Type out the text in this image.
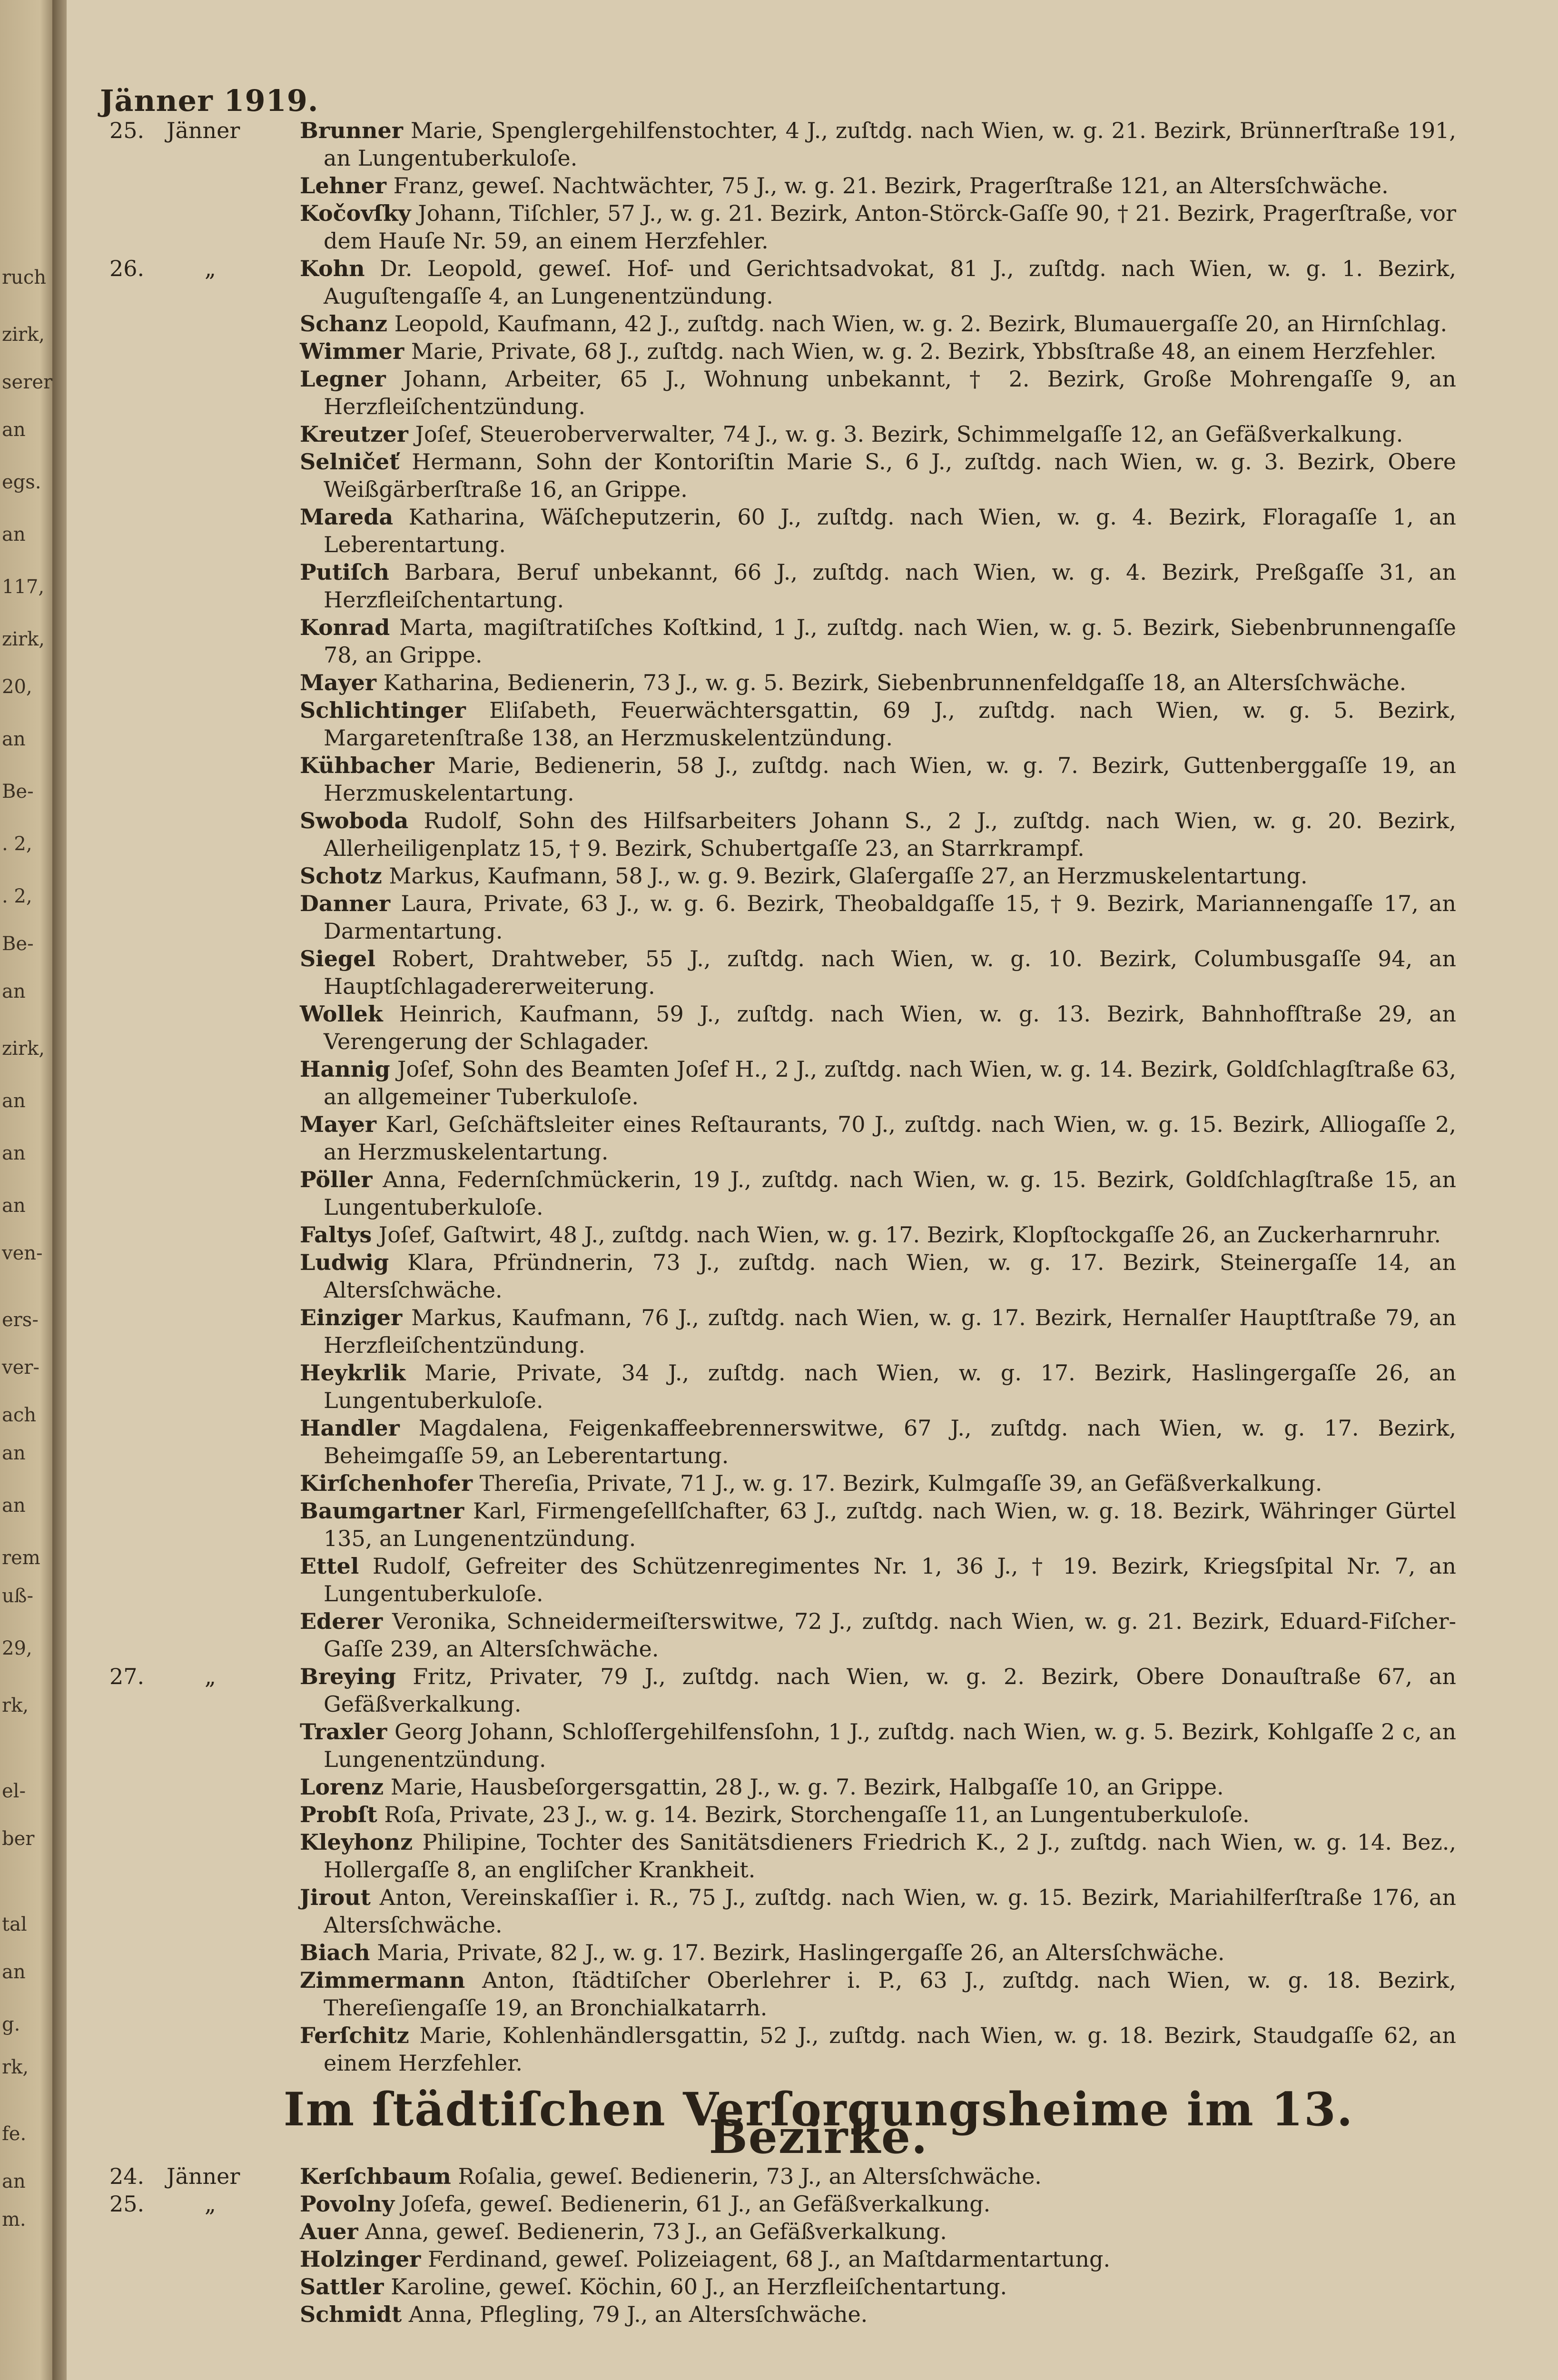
ruch
zirk,
serer
an
egs.
an
117,
zirk,
20,
an
Be-
. 2,
. 2,
Be-
an
zirk,
an
an
an
ven-
ers-
ver-
ach
an
an
rem
uß-
29,
rk,
el-
ber
tal
an
g.
rk,
fe.
an
m.
Jänner 1919.
25.	Jänner	Brunner Marie, Spenglergehilfenstochter, 4 J., zuſtdg. nach Wien, w. g. 21. Bezirk, Brünnerſtraße 191, an Lungentuberkuloſe.
Lehner Franz, geweſ. Nachtwächter, 75 J., w. g. 21. Bezirk, Pragerſtraße 121, an Altersſchwäche.
Kočovſky Johann, Tiſchler, 57 J., w. g. 21. Bezirk, Anton-Störck-Gaſſe 90, † 21. Bezirk, Pragerſtraße, vor dem Hauſe Nr. 59, an einem Herzfehler.
26.	„	Kohn Dr. Leopold, geweſ. Hof- und Gerichtsadvokat, 81 J., zuſtdg. nach Wien, w. g. 1. Bezirk, Auguſtengaſſe 4, an Lungenentzündung.
Schanz Leopold, Kaufmann, 42 J., zuſtdg. nach Wien, w. g. 2. Bezirk, Blumauergaſſe 20, an Hirnſchlag.
Wimmer Marie, Private, 68 J., zuſtdg. nach Wien, w. g. 2. Bezirk, Ybbsſtraße 48, an einem Herzfehler.
Legner Johann, Arbeiter, 65 J., Wohnung unbekannt, † 2. Bezirk, Große Mohrengaſſe 9, an Herzfleiſchentzündung.
Kreutzer Joſef, Steueroberverwalter, 74 J., w. g. 3. Bezirk, Schimmelgaſſe 12, an Gefäßverkalkung.
Selničeť Hermann, Sohn der Kontoriſtin Marie S., 6 J., zuſtdg. nach Wien, w. g. 3. Bezirk, Obere Weißgärberſtraße 16, an Grippe.
Mareda Katharina, Wäſcheputzerin, 60 J., zuſtdg. nach Wien, w. g. 4. Bezirk, Floragaſſe 1, an Leberentartung.
Putiſch Barbara, Beruf unbekannt, 66 J., zuſtdg. nach Wien, w. g. 4. Bezirk, Preßgaſſe 31, an Herzfleiſchentartung.
Konrad Marta, magiſtratiſches Koſtkind, 1 J., zuſtdg. nach Wien, w. g. 5. Bezirk, Siebenbrunnengaſſe 78, an Grippe.
Mayer Katharina, Bedienerin, 73 J., w. g. 5. Bezirk, Siebenbrunnenfeldgaſſe 18, an Altersſchwäche.
Schlichtinger Eliſabeth, Feuerwächtersgattin, 69 J., zuſtdg. nach Wien, w. g. 5. Bezirk, Margaretenſtraße 138, an Herzmuskelentzündung.
Kühbacher Marie, Bedienerin, 58 J., zuſtdg. nach Wien, w. g. 7. Bezirk, Guttenberggaſſe 19, an Herzmuskelentartung.
Swoboda Rudolf, Sohn des Hilfsarbeiters Johann S., 2 J., zuſtdg. nach Wien, w. g. 20. Bezirk, Allerheiligenplatz 15, † 9. Bezirk, Schubertgaſſe 23, an Starrkrampf.
Schotz Markus, Kaufmann, 58 J., w. g. 9. Bezirk, Glaſergaſſe 27, an Herzmuskelentartung.
Danner Laura, Private, 63 J., w. g. 6. Bezirk, Theobaldgaſſe 15, † 9. Bezirk, Mariannengaſſe 17, an Darmentartung.
Siegel Robert, Drahtweber, 55 J., zuſtdg. nach Wien, w. g. 10. Bezirk, Columbusgaſſe 94, an Hauptſchlagadererweiterung.
Wollek Heinrich, Kaufmann, 59 J., zuſtdg. nach Wien, w. g. 13. Bezirk, Bahnhofſtraße 29, an Verengerung der Schlagader.
Hannig Joſef, Sohn des Beamten Joſef H., 2 J., zuſtdg. nach Wien, w. g. 14. Bezirk, Goldſchlagſtraße 63, an allgemeiner Tuberkuloſe.
Mayer Karl, Geſchäftsleiter eines Reſtaurants, 70 J., zuſtdg. nach Wien, w. g. 15. Bezirk, Alliogaſſe 2, an Herzmuskelentartung.
Pöller Anna, Federnſchmückerin, 19 J., zuſtdg. nach Wien, w. g. 15. Bezirk, Goldſchlagſtraße 15, an Lungentuberkuloſe.
Faltys Joſef, Gaſtwirt, 48 J., zuſtdg. nach Wien, w. g. 17. Bezirk, Klopſtockgaſſe 26, an Zuckerharnruhr.
Ludwig Klara, Pfründnerin, 73 J., zuſtdg. nach Wien, w. g. 17. Bezirk, Steinergaſſe 14, an Altersſchwäche.
Einziger Markus, Kaufmann, 76 J., zuſtdg. nach Wien, w. g. 17. Bezirk, Hernalſer Hauptſtraße 79, an Herzfleiſchentzündung.
Heykrlik Marie, Private, 34 J., zuſtdg. nach Wien, w. g. 17. Bezirk, Haslingergaſſe 26, an Lungentuberkuloſe.
Handler Magdalena, Feigenkaffeebrennerswitwe, 67 J., zuſtdg. nach Wien, w. g. 17. Bezirk, Beheimgaſſe 59, an Leberentartung.
Kirſchenhofer Thereſia, Private, 71 J., w. g. 17. Bezirk, Kulmgaſſe 39, an Gefäßverkalkung.
Baumgartner Karl, Firmengeſellſchafter, 63 J., zuſtdg. nach Wien, w. g. 18. Bezirk, Währinger Gürtel 135, an Lungenentzündung.
Ettel Rudolf, Gefreiter des Schützenregimentes Nr. 1, 36 J., † 19. Bezirk, Kriegsſpital Nr. 7, an Lungentuberkuloſe.
Ederer Veronika, Schneidermeiſterswitwe, 72 J., zuſtdg. nach Wien, w. g. 21. Bezirk, Eduard-Fiſcher-Gaſſe 239, an Altersſchwäche.
27.	„	Breying Fritz, Privater, 79 J., zuſtdg. nach Wien, w. g. 2. Bezirk, Obere Donauſtraße 67, an Gefäßverkalkung.
Traxler Georg Johann, Schloſſergehilfensſohn, 1 J., zuſtdg. nach Wien, w. g. 5. Bezirk, Kohlgaſſe 2 c, an Lungenentzündung.
Lorenz Marie, Hausbeſorgersgattin, 28 J., w. g. 7. Bezirk, Halbgaſſe 10, an Grippe.
Probſt Roſa, Private, 23 J., w. g. 14. Bezirk, Storchengaſſe 11, an Lungentuberkuloſe.
Kleyhonz Philipine, Tochter des Sanitätsdieners Friedrich K., 2 J., zuſtdg. nach Wien, w. g. 14. Bez., Hollergaſſe 8, an engliſcher Krankheit.
Jirout Anton, Vereinskaſſier i. R., 75 J., zuſtdg. nach Wien, w. g. 15. Bezirk, Mariahilferſtraße 176, an Altersſchwäche.
Biach Maria, Private, 82 J., w. g. 17. Bezirk, Haslingergaſſe 26, an Altersſchwäche.
Zimmermann Anton, ſtädtiſcher Oberlehrer i. P., 63 J., zuſtdg. nach Wien, w. g. 18. Bezirk, Thereſiengaſſe 19, an Bronchialkatarrh.
Ferſchitz Marie, Kohlenhändlersgattin, 52 J., zuſtdg. nach Wien, w. g. 18. Bezirk, Staudgaſſe 62, an einem Herzfehler.
Im ſtädtiſchen Verſorgungsheime im 13. Bezirke.
24.	Jänner	Kerſchbaum Roſalia, geweſ. Bedienerin, 73 J., an Altersſchwäche.
25.	„	Povolny Joſefa, geweſ. Bedienerin, 61 J., an Gefäßverkalkung.
Auer Anna, geweſ. Bedienerin, 73 J., an Gefäßverkalkung.
Holzinger Ferdinand, geweſ. Polizeiagent, 68 J., an Maſtdarmentartung.
Sattler Karoline, geweſ. Köchin, 60 J., an Herzfleiſchentartung.
Schmidt Anna, Pflegling, 79 J., an Altersſchwäche.
